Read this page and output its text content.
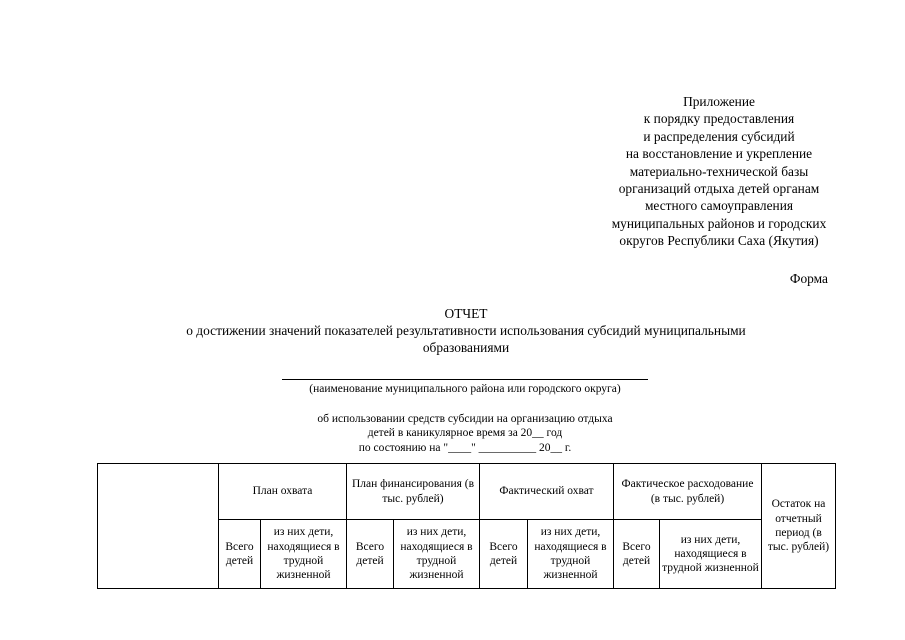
Приложение
к порядку предоставления
и распределения субсидий
на восстановление и укрепление
материально-технической базы
организаций отдыха детей органам
местного самоуправления
муниципальных районов и городских
округов Республики Саха (Якутия)
Форма
ОТЧЕТ
о достижении значений показателей результативности использования субсидий муниципальными
образованиями
(наименование муниципального района или городского округа)
об использовании средств субсидии на организацию отдыха
детей в каникулярное время за 20__ год
по состоянию на "____" __________ 20__ г.
	План охвата		План финансирования (в тыс. рублей)		Фактический охват		Фактическое расходование (в тыс. рублей)		Остаток на отчетный период (в тыс. рублей)
	Всего детей	из них дети, находящиеся в трудной жизненной	Всего детей	из них дети, находящиеся в трудной жизненной	Всего детей	из них дети, находящиеся в трудной жизненной	Всего детей	из них дети, находящиеся в трудной жизненной	
